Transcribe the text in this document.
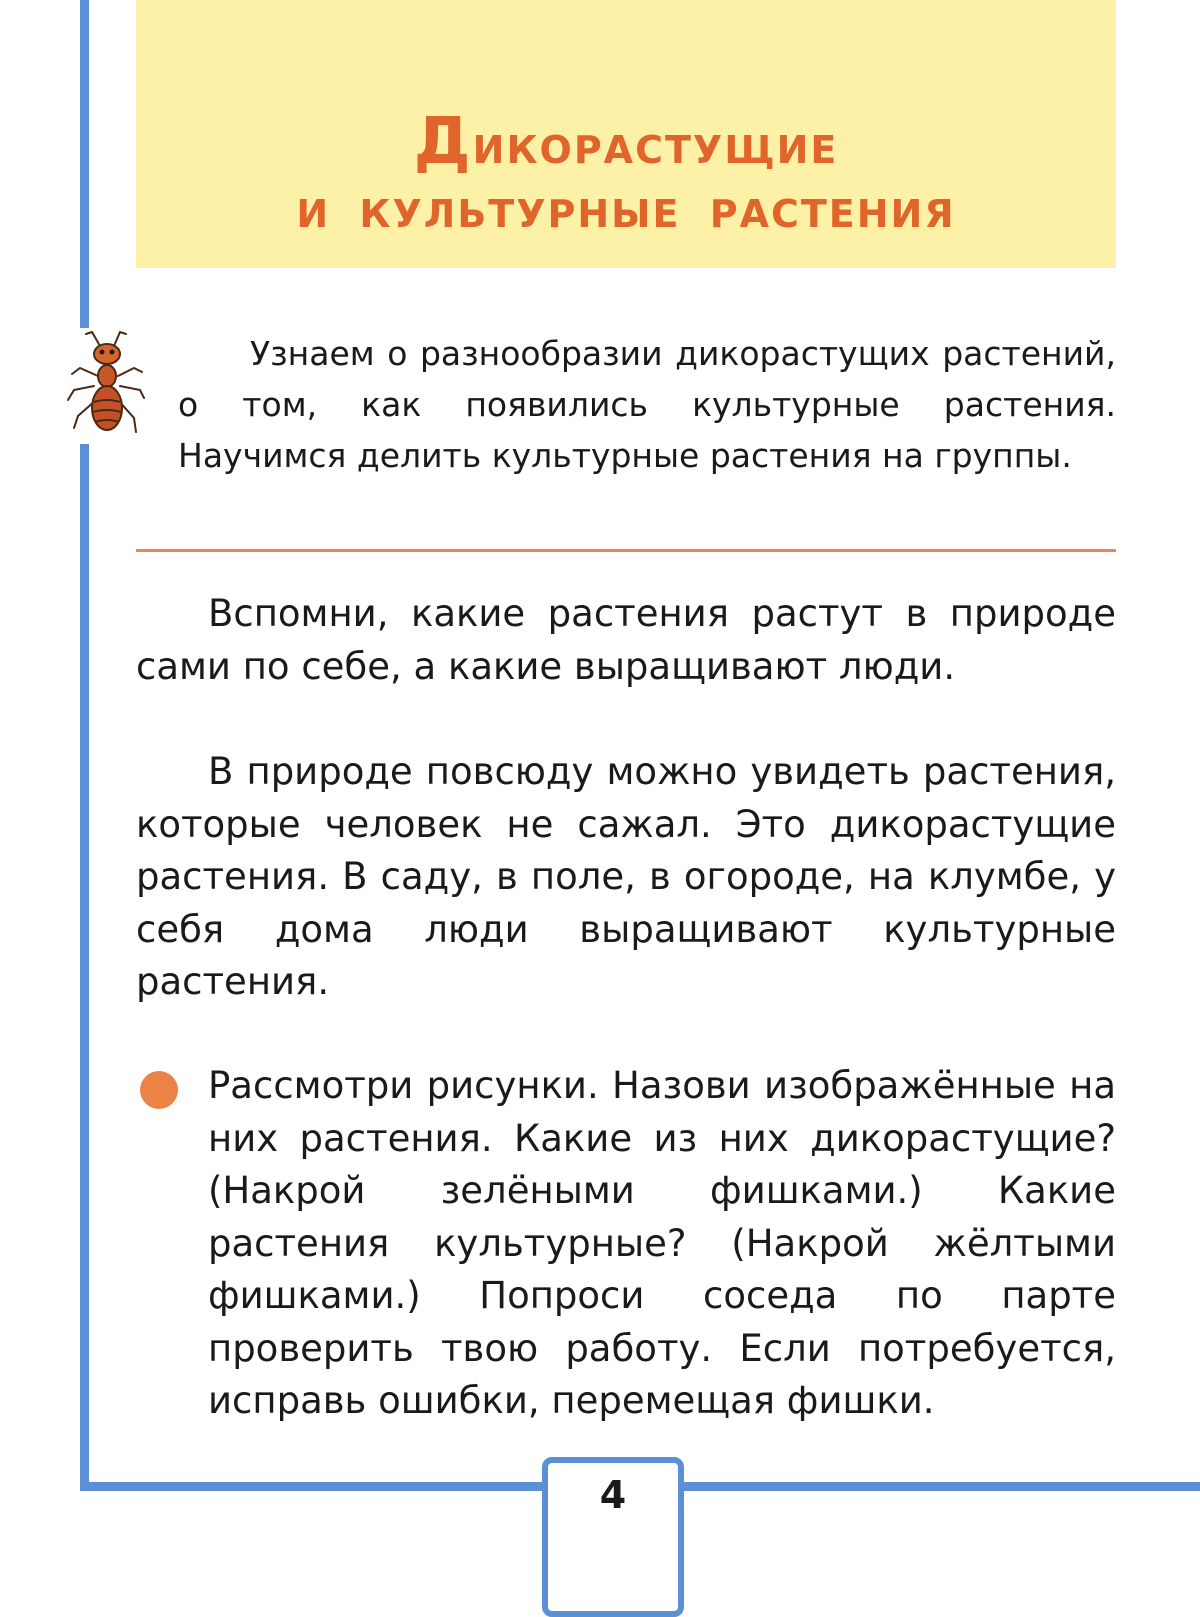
ДИКОРАСТУЩИЕ
И КУЛЬТУРНЫЕ РАСТЕНИЯ

Узнаем о разнообразии дикорастущих растений, о том, как появились культурные растения. Научимся делить культурные растения на группы.

Вспомни, какие растения растут в природе сами по себе, а какие выращивают люди.

В природе повсюду можно увидеть растения, которые человек не сажал. Это дикорастущие растения. В саду, в поле, в огороде, на клумбе, у себя дома люди выращивают культурные растения.

Рассмотри рисунки. Назови изображённые на них растения. Какие из них дикорастущие? (Накрой зелёными фишками.) Какие растения культурные? (Накрой жёлтыми фишками.) Попроси соседа по парте проверить твою работу. Если потребуется, исправь ошибки, перемещая фишки.

4
